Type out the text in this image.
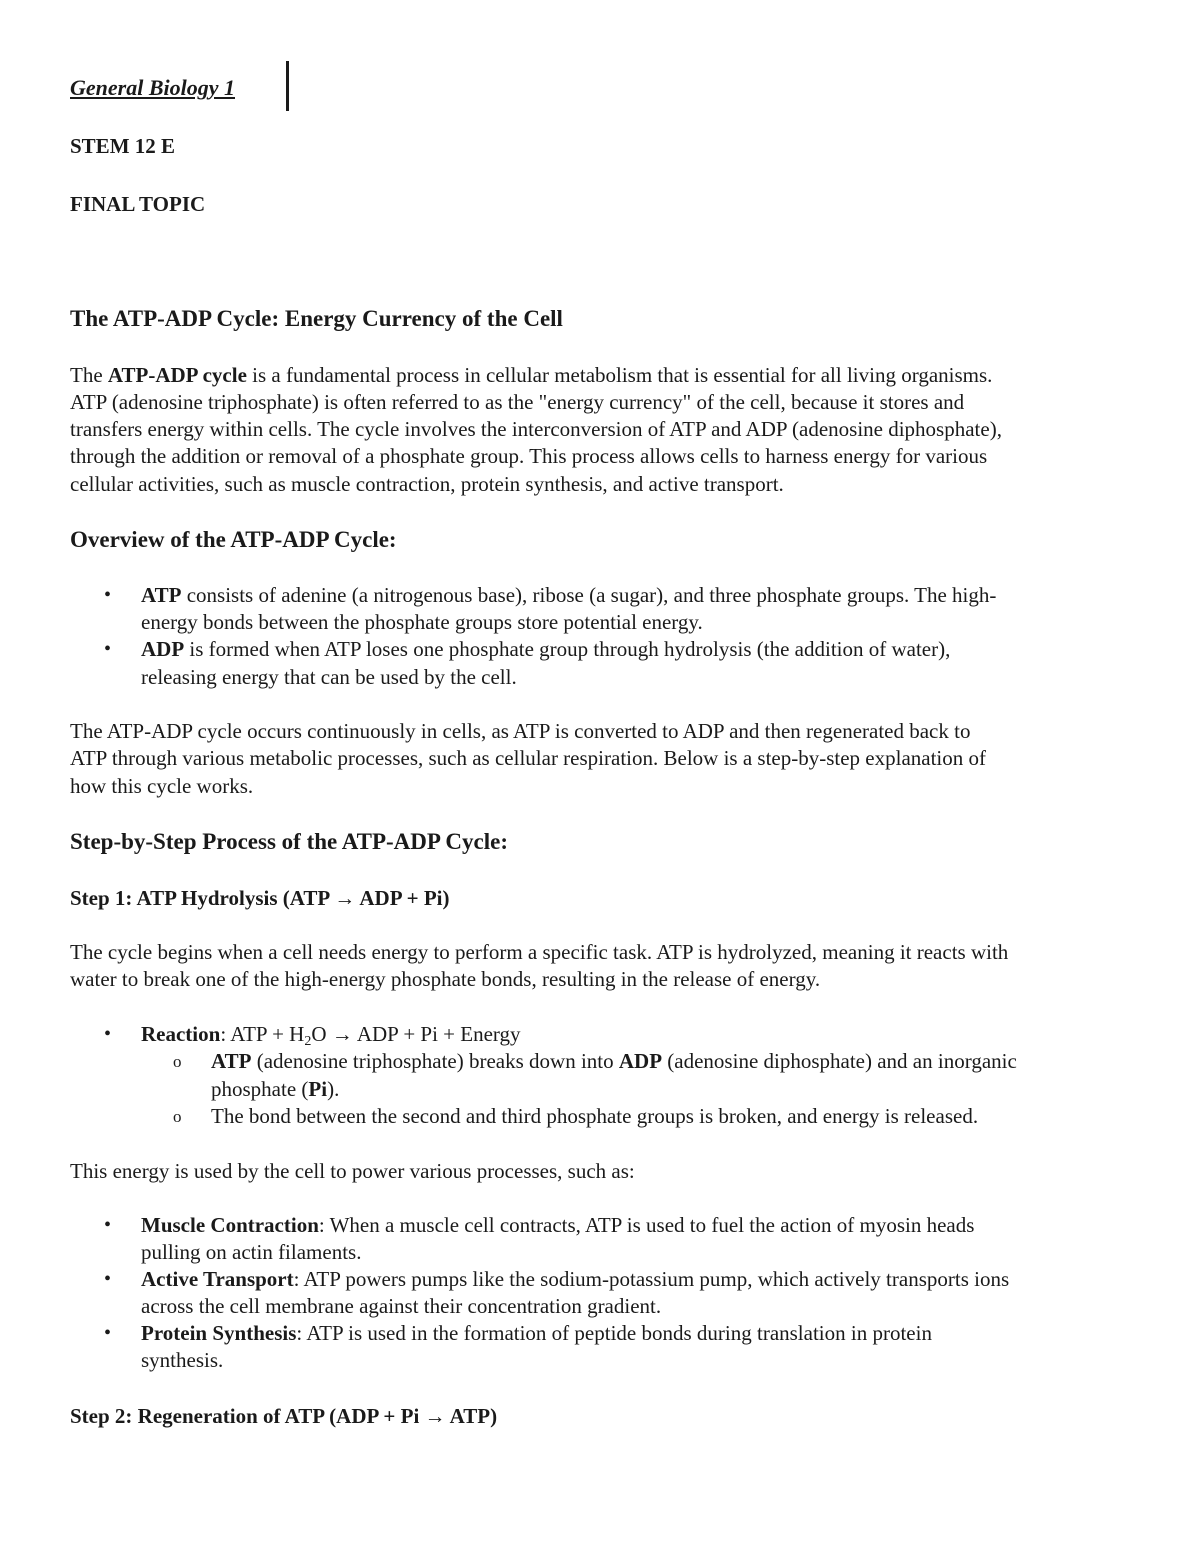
General Biology 1
STEM 12 E
FINAL TOPIC
The ATP-ADP Cycle: Energy Currency of the Cell
The ATP-ADP cycle is a fundamental process in cellular metabolism that is essential for all living organisms.
ATP (adenosine triphosphate) is often referred to as the "energy currency" of the cell, because it stores and
transfers energy within cells. The cycle involves the interconversion of ATP and ADP (adenosine diphosphate),
through the addition or removal of a phosphate group. This process allows cells to harness energy for various
cellular activities, such as muscle contraction, protein synthesis, and active transport.
Overview of the ATP-ADP Cycle:
• ATP consists of adenine (a nitrogenous base), ribose (a sugar), and three phosphate groups. The high-
energy bonds between the phosphate groups store potential energy.
• ADP is formed when ATP loses one phosphate group through hydrolysis (the addition of water),
releasing energy that can be used by the cell.
The ATP-ADP cycle occurs continuously in cells, as ATP is converted to ADP and then regenerated back to
ATP through various metabolic processes, such as cellular respiration. Below is a step-by-step explanation of
how this cycle works.
Step-by-Step Process of the ATP-ADP Cycle:
Step 1: ATP Hydrolysis (ATP → ADP + Pi)
The cycle begins when a cell needs energy to perform a specific task. ATP is hydrolyzed, meaning it reacts with
water to break one of the high-energy phosphate bonds, resulting in the release of energy.
• Reaction: ATP + $H_2O$ → ADP + Pi + Energy
o ATP (adenosine triphosphate) breaks down into ADP (adenosine diphosphate) and an inorganic
phosphate (Pi).
o The bond between the second and third phosphate groups is broken, and energy is released.
This energy is used by the cell to power various processes, such as:
• Muscle Contraction: When a muscle cell contracts, ATP is used to fuel the action of myosin heads
pulling on actin filaments.
• Active Transport: ATP powers pumps like the sodium-potassium pump, which actively transports ions
across the cell membrane against their concentration gradient.
• Protein Synthesis: ATP is used in the formation of peptide bonds during translation in protein
synthesis.
Step 2: Regeneration of ATP (ADP + Pi → ATP)
